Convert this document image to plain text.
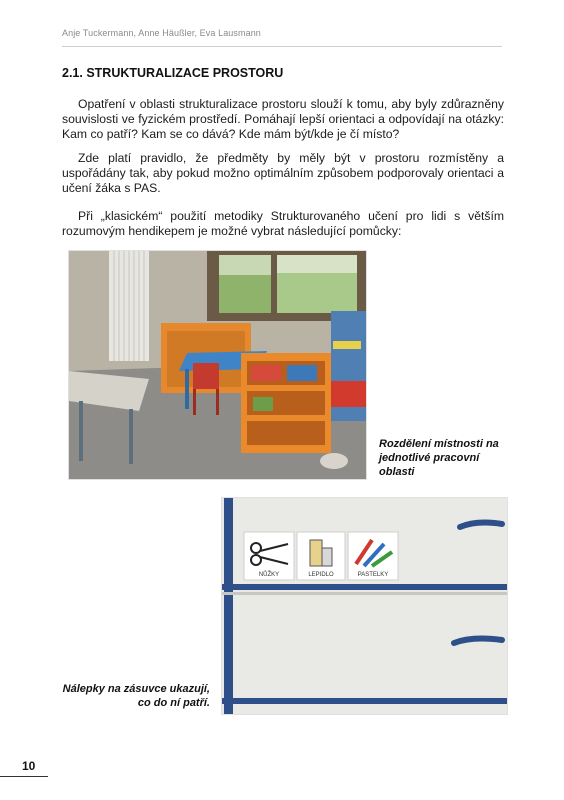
Anje Tuckermann, Anne Häußler, Eva Lausmann
2.1. STRUKTURALIZACE PROSTORU

Opatření v oblasti strukturalizace prostoru slouží k tomu, aby byly zdůrazněny souvislosti ve fyzickém prostředí. Pomáhají lepší orientaci a odpovídají na otázky: Kam co patří? Kam se co dává? Kde mám být/kde je čí místo?

Zde platí pravidlo, že předměty by měly být v prostoru rozmístěny a uspořádány tak, aby pokud možno optimálním způsobem podporovaly orientaci a učení žáka s PAS.

Při „klasickém“ použití metodiky Strukturovaného učení pro lidi s větším rozumovým hendikepem je možné vybrat následující pomůcky:

Rozdělení místnosti na jednotlivé pracovní oblasti
NŮŽKY	LEPIDLO	PASTELKY
Nálepky na zásuvce ukazují, co do ní patří.
10
